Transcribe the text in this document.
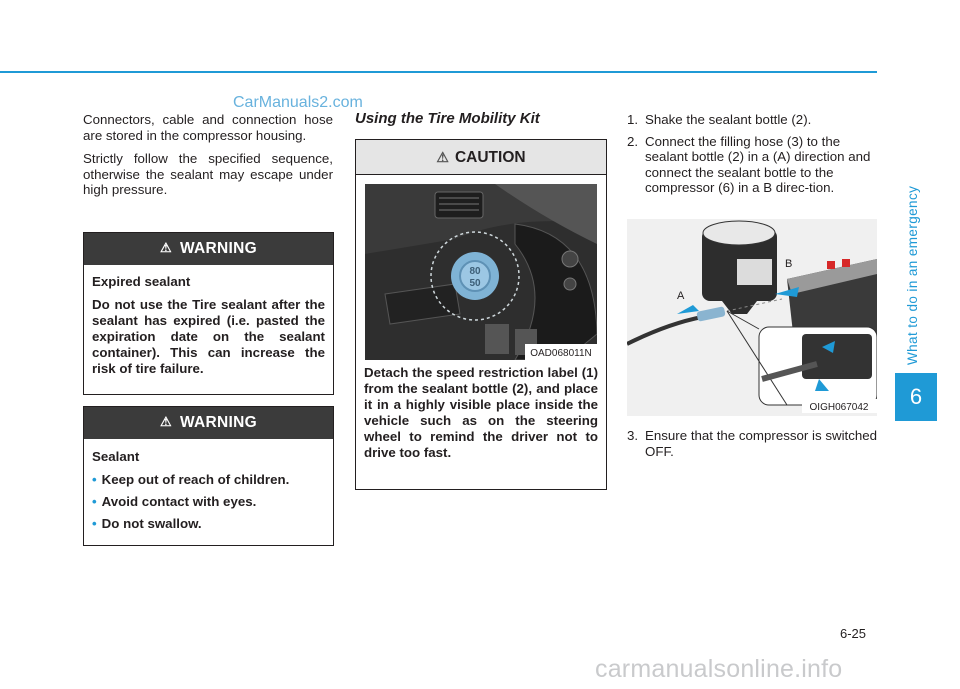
CarManuals2.com

Connectors, cable and connection hose are stored in the compressor housing.

Strictly follow the specified sequence, otherwise the sealant may escape under high pressure.

⚠ WARNING

Expired sealant

Do not use the Tire sealant after the sealant has expired (i.e. pasted the expiration date on the sealant container). This can increase the risk of tire failure.

⚠ WARNING

Sealant

• Keep out of reach of children.
• Avoid contact with eyes.
• Do not swallow.
Using the Tire Mobility Kit
⚠ CAUTION
80
50
OAD068011N
Detach the speed restriction label (1) from the sealant bottle (2), and place it in a highly visible place inside the vehicle such as on the steering wheel to remind the driver not to drive too fast.
1. Shake the sealant bottle (2).
2. Connect the filling hose (3) to the sealant bottle (2) in a (A) direction and connect the sealant bottle to the compressor (6) in a B direc-tion.
B
A
OIGH067042
3. Ensure that the compressor is switched OFF.
What to do in an emergency
6
6-25
carmanualsonline.info
